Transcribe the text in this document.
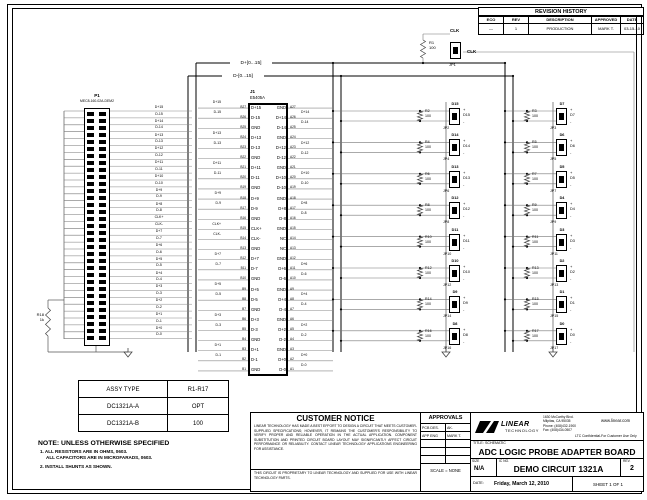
REVISION HISTORY
ECO	REV	DESCRIPTION	APPROVED	DATE
—	1	PRODUCTION	MARK T.	03-15-10
D+[0...15]
D-[0...15]
CLK
R1
100
CLK
JP1
P1
MEC8-160-02A-DEM2
D+15
D-15
D+14
D-14
D+13
D-13
D+12
D-12
D+11
D-11
D+10
D-10
D+9
D-9
D+8
D-8
CLK+
CLK-
D+7
D-7
D+6
D-6
D+5
D-5
D+4
D-4
D+3
D-3
D+2
D-2
D+1
D-1
D+0
D-0
R18
1k
J1
E5405A
B27 D+15	GND A27
D+15
B26 D-15	D+14 A26
D-15	D+14
B25 GND	D-14 A25
D-14
B24 D+13	GND A24
D+13
B23 D-13	D+12 A23
D-13	D+12
B22 GND	D-12 A22
D-12
B21 D+11	GND A21
D+11
B20 D-11	D+10 A20
D-11	D+10
B19 GND	D-10 A19
D-10
B18 D+9	GND A18
D+9
B17 D-9	D+8 A17
D-9	D+8
B16 GND	D-8 A16
D-8
B15 CLK+	GND A15
CLK+
B14 CLK-	NC A14
CLK-
B13 GND	NC A13
B12 D+7	GND A12
D+7
B11 D-7	D+6 A11
D-7	D+6
B10 GND	D-6 A10
D-6
B9 D+5	GND A9
D+5
B8 D-5	D+4 A8
D-5	D+4
B7 GND	D-4 A7
D-4
B6 D+3	GND A6
D+3
B5 D-3	D+2 A5
D-3	D+2
B4 GND	D-2 A4
D-2
B3 D+1	GND A3
D+1
B2 D-1	D+0 A2
D-1	D+0
B1 GND	D-0 A1
D-0
D15
+
D15
-
R2
100
JP2
D14
+
D14
-
R4
100
JP4
D13
+
D13
-
R6
100
JP6
D12
+
D12
-
R8
100
JP8
D11
+
D11
-
R10
100
JP10
D10
+
D10
-
R12
100
JP12
D9
+
D9
-
R14
100
JP14
D8
+
D8
-
R16
100
JP16
D7
+
D7
-
R3
100
JP3
D6
+
D6
-
R5
100
JP5
D5
+
D5
-
R7
100
JP7
D4
+
D4
-
R9
100
JP9
D3
+
D3
-
R11
100
JP11
D2
+
D2
-
R13
100
JP13
D1
+
D1
-
R15
100
JP15
D0
+
D0
-
R17
100
JP17
ASSY TYPE	R1-R17
DC1321A-A	OPT
DC1321A-B	100
NOTE: UNLESS OTHERWISE SPECIFIED
1. ALL RESISTORS ARE IN OHMS, 0603.
ALL CAPACITORS ARE IN MICROFARADS, 0603.
2. INSTALL SHUNTS AS SHOWN.
CUSTOMER NOTICE
LINEAR TECHNOLOGY HAS MADE A BEST EFFORT TO DESIGN A CIRCUIT THAT MEETS CUSTOMER-SUPPLIED SPECIFICATIONS; HOWEVER, IT REMAINS THE CUSTOMER'S RESPONSIBILITY TO VERIFY PROPER AND RELIABLE OPERATION IN THE ACTUAL APPLICATION. COMPONENT SUBSTITUTION AND PRINTED CIRCUIT BOARD LAYOUT MAY SIGNIFICANTLY AFFECT CIRCUIT PERFORMANCE OR RELIABILITY. CONTACT LINEAR TECHNOLOGY APPLICATIONS ENGINEERING FOR ASSISTANCE.
THIS CIRCUIT IS PROPRIETARY TO LINEAR TECHNOLOGY AND SUPPLIED FOR USE WITH LINEAR TECHNOLOGY PARTS.
APPROVALS
PCB DES.	AK.
APP ENG	MARK T.
SCALE = NONE
LINEAR
TECHNOLOGY
1630 McCarthy Blvd.
Milpitas, CA 95035
Phone: (408)432-1900
Fax: (408)434-0507
www.linear.com
LTC Confidential-For Customer Use Only
TITLE: SCHEMATIC
ADC LOGIC PROBE ADAPTER BOARD
SIZE
N/A
IC NO.
DEMO CIRCUIT 1321A
REV.
2
DATE:	Friday, March 12, 2010	SHEET 1 OF 1
